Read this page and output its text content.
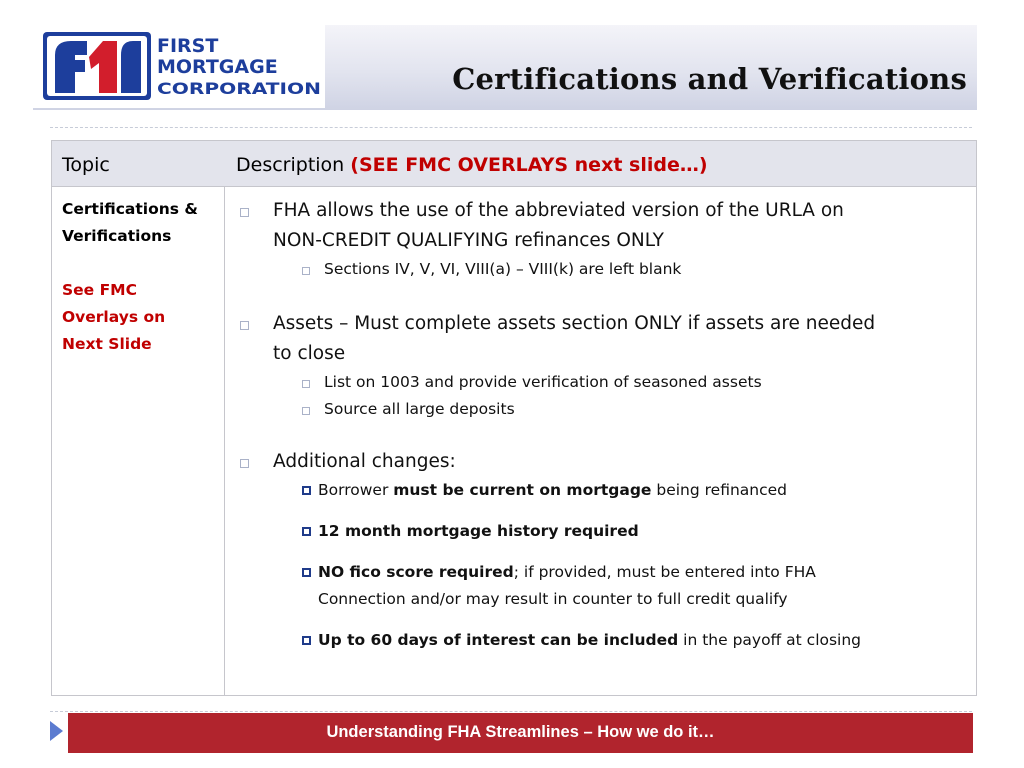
FIRST
MORTGAGE
CORPORATION	Certifications and Verifications
Topic	Description (SEE FMC OVERLAYS next slide…)
Certifications &
Verifications
See FMC
Overlays on
Next Slide
FHA allows the use of the abbreviated version of the URLA on
NON-CREDIT QUALIFYING refinances ONLY
Sections IV, V, VI, VIII(a) – VIII(k) are left blank
Assets – Must complete assets section ONLY if assets are needed
to close
List on 1003 and provide verification of seasoned assets
Source all large deposits
Additional changes:
Borrower must be current on mortgage being refinanced
12 month mortgage history required
NO fico score required; if provided, must be entered into FHA
Connection and/or may result in counter to full credit qualify
Up to 60 days of interest can be included in the payoff at closing
Understanding FHA Streamlines – How we do it…
